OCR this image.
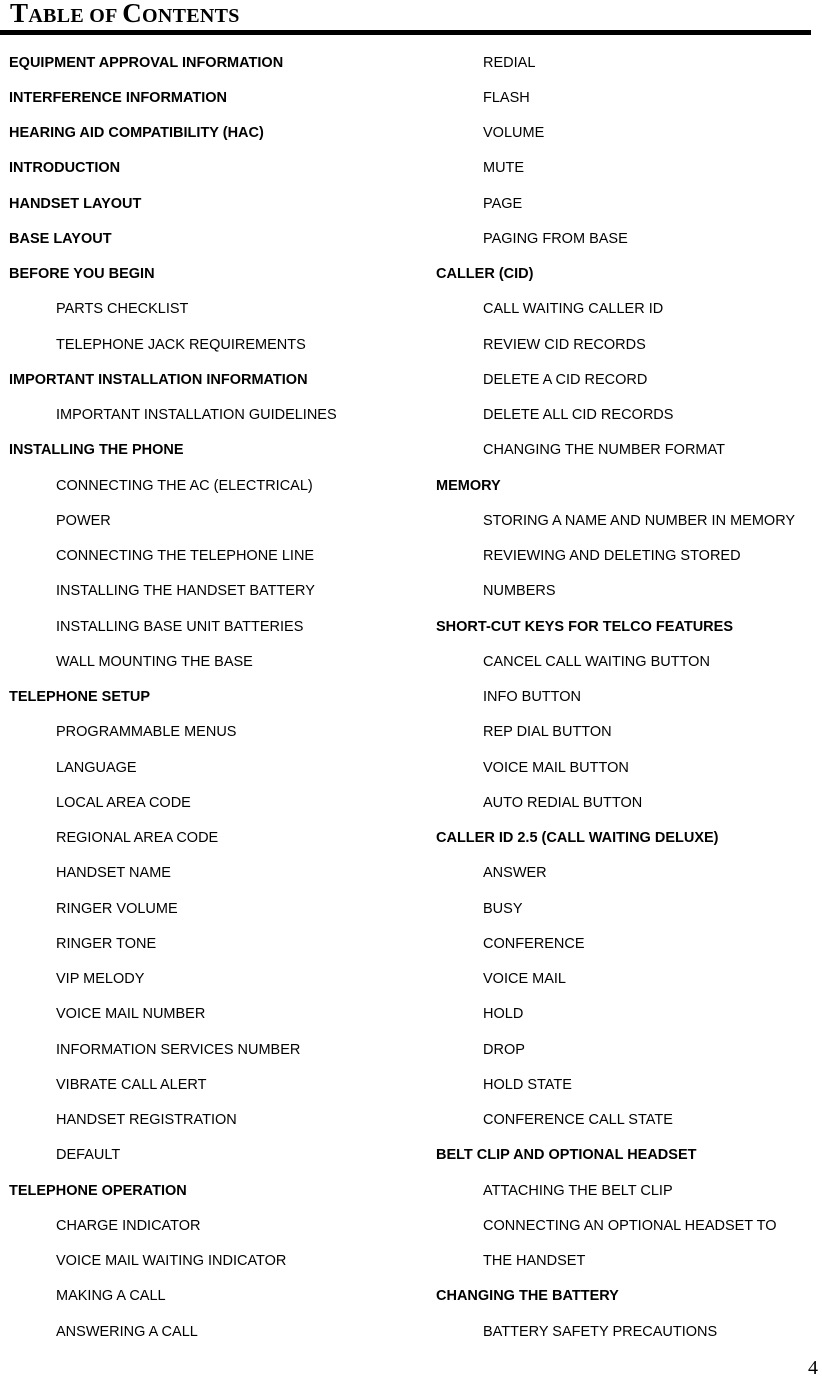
TABLE OF CONTENTS
EQUIPMENT APPROVAL INFORMATION
INTERFERENCE INFORMATION
HEARING AID COMPATIBILITY (HAC)
INTRODUCTION
HANDSET LAYOUT
BASE LAYOUT
BEFORE YOU BEGIN
PARTS CHECKLIST
TELEPHONE JACK REQUIREMENTS
IMPORTANT INSTALLATION INFORMATION
IMPORTANT INSTALLATION GUIDELINES
INSTALLING THE PHONE
CONNECTING THE AC (ELECTRICAL)
POWER
CONNECTING THE TELEPHONE LINE
INSTALLING THE HANDSET BATTERY
INSTALLING BASE UNIT BATTERIES
WALL MOUNTING THE BASE
TELEPHONE SETUP
PROGRAMMABLE MENUS
LANGUAGE
LOCAL AREA CODE
REGIONAL AREA CODE
HANDSET NAME
RINGER VOLUME
RINGER TONE
VIP MELODY
VOICE MAIL NUMBER
INFORMATION SERVICES NUMBER
VIBRATE CALL ALERT
HANDSET REGISTRATION
DEFAULT
TELEPHONE OPERATION
CHARGE INDICATOR
VOICE MAIL WAITING INDICATOR
MAKING A CALL
ANSWERING A CALL
REDIAL
FLASH
VOLUME
MUTE
PAGE
PAGING FROM BASE
CALLER (CID)
CALL WAITING CALLER ID
REVIEW CID RECORDS
DELETE A CID RECORD
DELETE ALL CID RECORDS
CHANGING THE NUMBER FORMAT
MEMORY
STORING A NAME AND NUMBER IN MEMORY
REVIEWING AND DELETING STORED
NUMBERS
SHORT-CUT KEYS FOR TELCO FEATURES
CANCEL CALL WAITING BUTTON
INFO BUTTON
REP DIAL BUTTON
VOICE MAIL BUTTON
AUTO REDIAL BUTTON
CALLER ID 2.5 (CALL WAITING DELUXE)
ANSWER
BUSY
CONFERENCE
VOICE MAIL
HOLD
DROP
HOLD STATE
CONFERENCE CALL STATE
BELT CLIP AND OPTIONAL HEADSET
ATTACHING THE BELT CLIP
CONNECTING AN OPTIONAL HEADSET TO
THE HANDSET
CHANGING THE BATTERY
BATTERY SAFETY PRECAUTIONS
4
